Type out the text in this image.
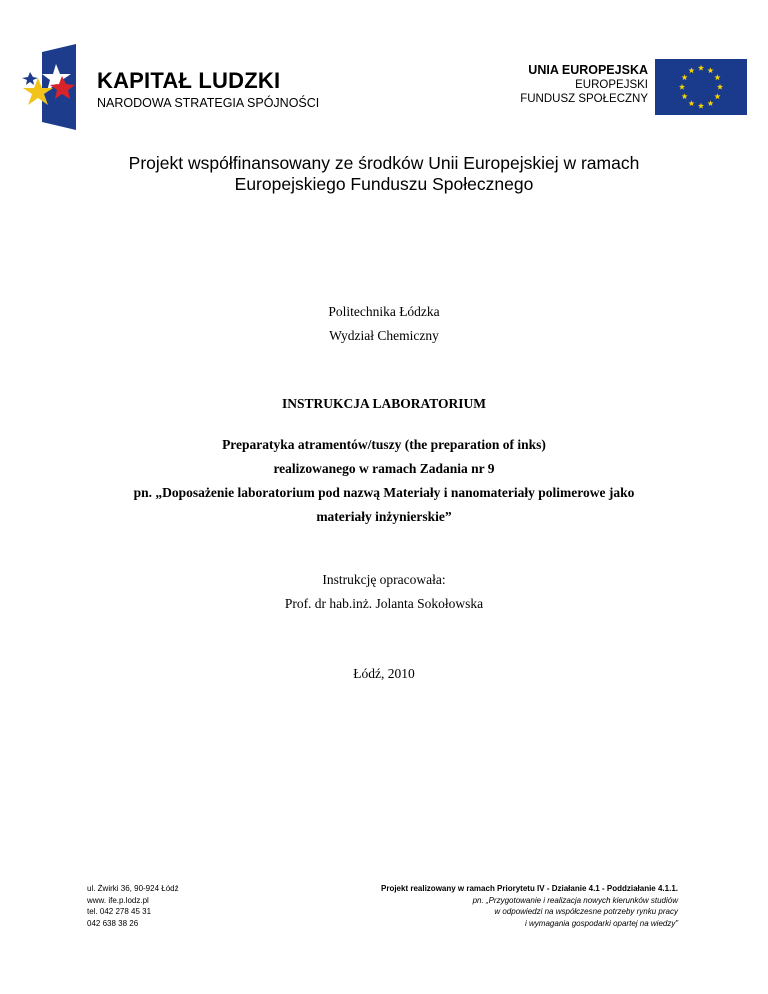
KAPITAŁ LUDZKI
NARODOWA STRATEGIA SPÓJNOŚCI
UNIA EUROPEJSKA
EUROPEJSKI
FUNDUSZ SPOŁECZNY
Projekt współfinansowany ze środków Unii Europejskiej w ramach
Europejskiego Funduszu Społecznego
Politechnika Łódzka
Wydział Chemiczny
INSTRUKCJA LABORATORIUM
Preparatyka atramentów/tuszy (the preparation of inks)
realizowanego w ramach Zadania nr 9
pn. „Doposażenie laboratorium pod nazwą Materiały i nanomateriały polimerowe jako
materiały inżynierskie”
Instrukcję opracowała:
Prof. dr hab.inż. Jolanta Sokołowska
Łódź, 2010
ul. Żwirki 36, 90-924 Łódź
www. ife.p.lodz.pl
tel. 042 278 45 31
042 638 38 26
Projekt realizowany w ramach Priorytetu IV - Działanie 4.1 - Poddziałanie 4.1.1.
pn. „Przygotowanie i realizacja nowych kierunków studiów
w odpowiedzi na współczesne potrzeby rynku pracy
i wymagania gospodarki opartej na wiedzy”
